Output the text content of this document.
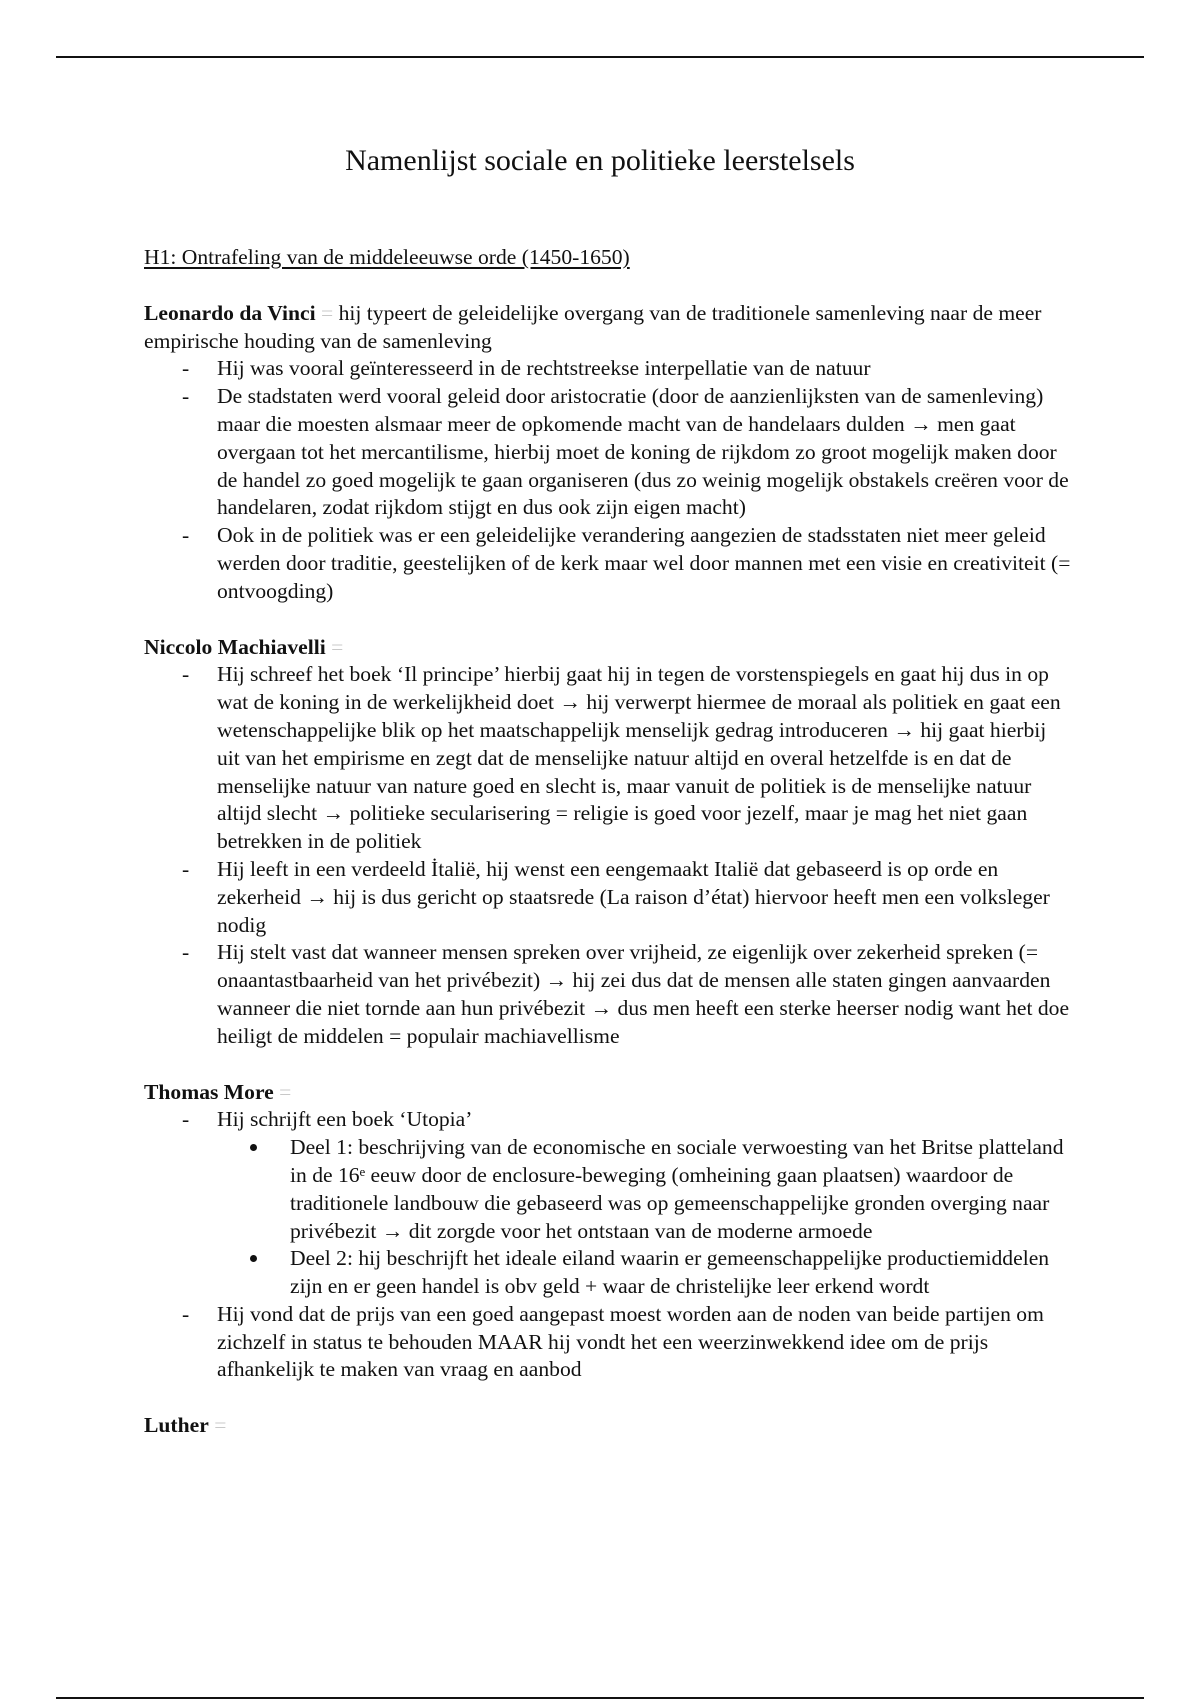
Namenlijst sociale en politieke leerstelsels
H1: Ontrafeling van de middeleeuwse orde (1450-1650)

Leonardo da Vinci = hij typeert de geleidelijke overgang van de traditionele samenleving naar de meer empirische houding van de samenleving

- Hij was vooral geïnteresseerd in de rechtstreekse interpellatie van de natuur
- De stadstaten werd vooral geleid door aristocratie (door de aanzienlijksten van de samenleving) maar die moesten alsmaar meer de opkomende macht van de handelaars dulden → men gaat overgaan tot het mercantilisme, hierbij moet de koning de rijkdom zo groot mogelijk maken door de handel zo goed mogelijk te gaan organiseren (dus zo weinig mogelijk obstakels creëren voor de handelaren, zodat rijkdom stijgt en dus ook zijn eigen macht)
- Ook in de politiek was er een geleidelijke verandering aangezien de stadsstaten niet meer geleid werden door traditie, geestelijken of de kerk maar wel door mannen met een visie en creativiteit (= ontvoogding)

Niccolo Machiavelli =

- Hij schreef het boek ‘Il principe’ hierbij gaat hij in tegen de vorstenspiegels en gaat hij dus in op wat de koning in de werkelijkheid doet → hij verwerpt hiermee de moraal als politiek en gaat een wetenschappelijke blik op het maatschappelijk menselijk gedrag introduceren → hij gaat hierbij uit van het empirisme en zegt dat de menselijke natuur altijd en overal hetzelfde is en dat de menselijke natuur van nature goed en slecht is, maar vanuit de politiek is de menselijke natuur altijd slecht → politieke secularisering = religie is goed voor jezelf, maar je mag het niet gaan betrekken in de politiek
- Hij leeft in een verdeeld İtalië, hij wenst een eengemaakt Italië dat gebaseerd is op orde en zekerheid → hij is dus gericht op staatsrede (La raison d’état) hiervoor heeft men een volksleger nodig
- Hij stelt vast dat wanneer mensen spreken over vrijheid, ze eigenlijk over zekerheid spreken (= onaantastbaarheid van het privébezit) → hij zei dus dat de mensen alle staten gingen aanvaarden wanneer die niet tornde aan hun privébezit → dus men heeft een sterke heerser nodig want het doe heiligt de middelen = populair machiavellisme

Thomas More =

- Hij schrijft een boek ‘Utopia’
Deel 1: beschrijving van de economische en sociale verwoesting van het Britse platteland in de 16ᵉ eeuw door de enclosure-beweging (omheining gaan plaatsen) waardoor de traditionele landbouw die gebaseerd was op gemeenschappelijke gronden overging naar privébezit → dit zorgde voor het ontstaan van de moderne armoede
Deel 2: hij beschrijft het ideale eiland waarin er gemeenschappelijke productiemiddelen zijn en er geen handel is obv geld + waar de christelijke leer erkend wordt
- Hij vond dat de prijs van een goed aangepast moest worden aan de noden van beide partijen om zichzelf in status te behouden MAAR hij vondt het een weerzinwekkend idee om de prijs afhankelijk te maken van vraag en aanbod

Luther =
